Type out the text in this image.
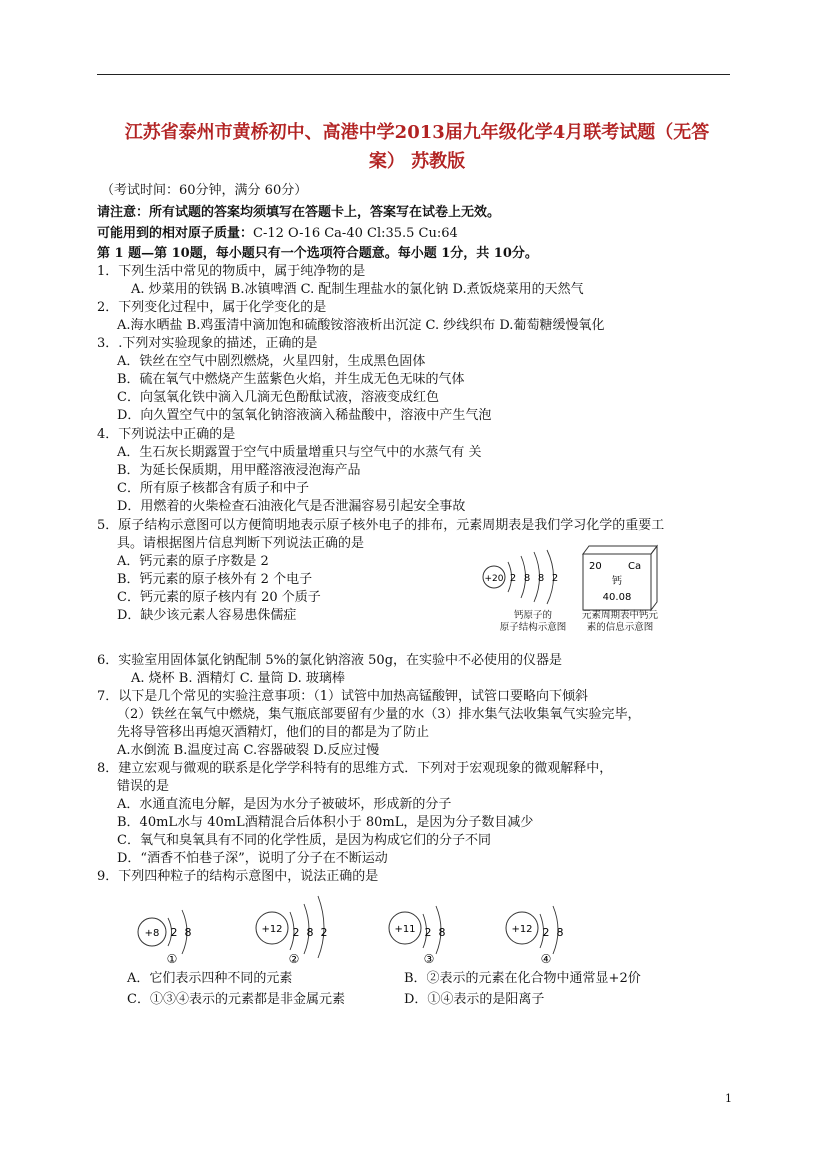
江苏省泰州市黄桥初中、高港中学2013届九年级化学4月联考试题（无答
案） 苏教版
（考试时间：60分钟，满分 60分）
请注意：所有试题的答案均须填写在答题卡上，答案写在试卷上无效。
可能用到的相对原子质量：C-12 O-16 Ca-40 Cl:35.5 Cu:64
第 1 题—第 10题，每小题只有一个选项符合题意。每小题 1分，共 10分。
1．下列生活中常见的物质中，属于纯净物的是
A. 炒菜用的铁锅 B.冰镇啤酒 C. 配制生理盐水的氯化钠 D.煮饭烧菜用的天然气
2．下列变化过程中，属于化学变化的是
A.海水晒盐 B.鸡蛋清中滴加饱和硫酸铵溶液析出沉淀 C. 纱线织布 D.葡萄糖缓慢氧化
3．.下列对实验现象的描述，正确的是
A．铁丝在空气中剧烈燃烧，火星四射，生成黑色固体
B．硫在氧气中燃烧产生蓝紫色火焰，并生成无色无味的气体
C．向氢氧化铁中滴入几滴无色酚酞试液，溶液变成红色
D．向久置空气中的氢氧化钠溶液滴入稀盐酸中，溶液中产生气泡
4．下列说法中正确的是
A．生石灰长期露置于空气中质量增重只与空气中的水蒸气有 关
B．为延长保质期，用甲醛溶液浸泡海产品
C．所有原子核都含有质子和中子
D．用燃着的火柴检查石油液化气是否泄漏容易引起安全事故
5．原子结构示意图可以方便简明地表示原子核外电子的排布，元素周期表是我们学习化学的重要工
具。请根据图片信息判断下列说法正确的是
A．钙元素的原子序数是 2
B．钙元素的原子核外有 2 个电子
C．钙元素的原子核内有 20 个质子
D．缺少该元素人容易患侏儒症
+20 2 8 8 2
20	Ca
钙
40.08
钙原子的
原子结构示意图
元素周期表中钙元
素的信息示意图
6．实验室用固体氯化钠配制 5%的氯化钠溶液 50g，在实验中不必使用的仪器是
A. 烧杯 B. 酒精灯 C. 量筒 D. 玻璃棒
7．以下是几个常见的实验注意事项：（1）试管中加热高锰酸钾，试管口要略向下倾斜
（2）铁丝在氧气中燃烧，集气瓶底部要留有少量的水（3）排水集气法收集氧气实验完毕，
先将导管移出再熄灭酒精灯，他们的目的都是为了防止
A.水倒流 B.温度过高 C.容器破裂 D.反应过慢
8．建立宏观与微观的联系是化学学科特有的思维方式．下列对于宏观现象的微观解释中，
错误的是
A．水通直流电分解，是因为水分子被破坏，形成新的分子
B．40mL水与 40mL酒精混合后体积小于 80mL，是因为分子数目减少
C．氧气和臭氧具有不同的化学性质，是因为构成它们的分子不同
D．“酒香不怕巷子深”，说明了分子在不断运动
9．下列四种粒子的结构示意图中，说法正确的是
+8 2 8
①
+12 2 8 2
②
+11 2 8
③
+12 2 8
④
A．它们表示四种不同的元素	B．②表示的元素在化合物中通常显+2价
C．①③④表示的元素都是非金属元素	D．①④表示的是阳离子
1
